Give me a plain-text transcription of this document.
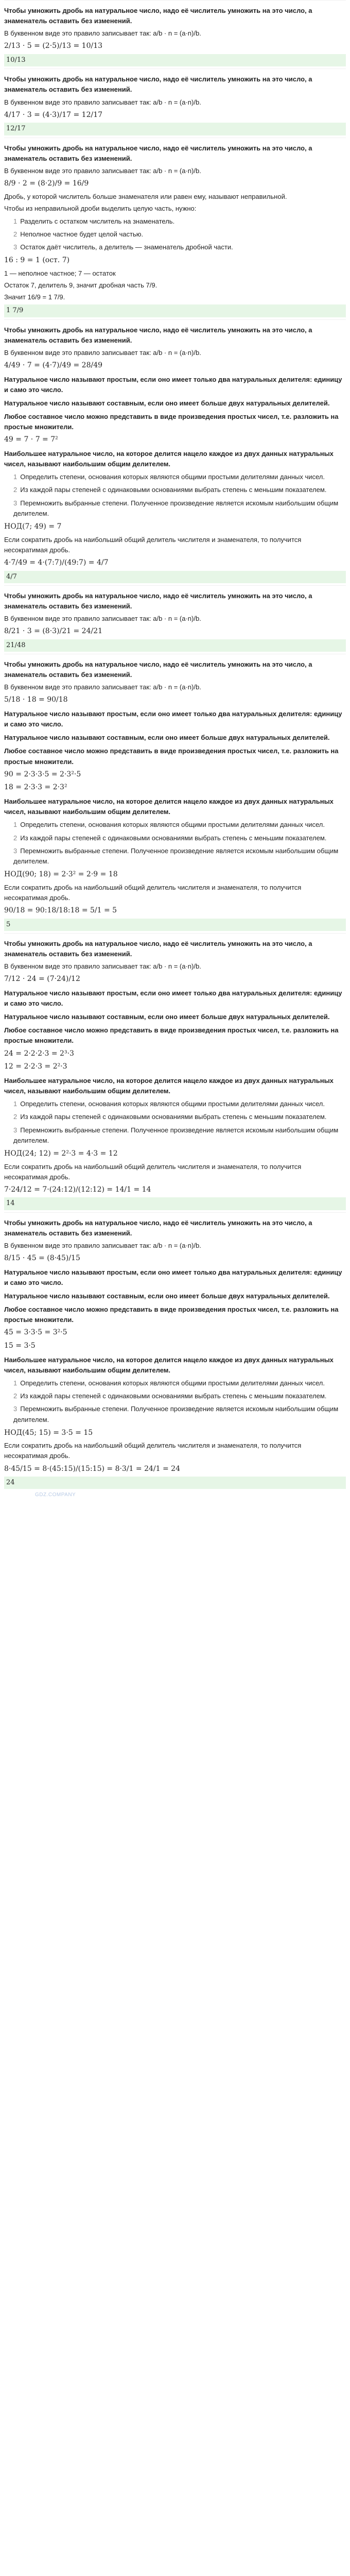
Чтобы умножить дробь на натуральное число, надо её числитель умножить на это число, а знаменатель оставить без изменений.
В буквенном виде это правило записывает так: a/b · n = (a·n)/b.
2/13 · 5 = (2·5)/13 = 10/13
10/13
Чтобы умножить дробь на натуральное число, надо её числитель умножить на это число, а знаменатель оставить без изменений.
В буквенном виде это правило записывает так: a/b · n = (a·n)/b.
4/17 · 3 = (4·3)/17 = 12/17
12/17
Чтобы умножить дробь на натуральное число, надо её числитель умножить на это число, а знаменатель оставить без изменений.
В буквенном виде это правило записывает так: a/b · n = (a·n)/b.
8/9 · 2 = (8·2)/9 = 16/9
Дробь, у которой числитель больше знаменателя или равен ему, называют неправильной.
Чтобы из неправильной дроби выделить целую часть, нужно:
1 Разделить с остатком числитель на знаменатель.
2 Неполное частное будет целой частью.
3 Остаток даёт числитель, а делитель — знаменатель дробной части.
16 : 9 = 1 (ост. 7)
1 — неполное частное; 7 — остаток
Остаток 7, делитель 9, значит дробная часть 7/9.
Значит 16/9 = 1 7/9.
1 7/9
Чтобы умножить дробь на натуральное число, надо её числитель умножить на это число, а знаменатель оставить без изменений.
В буквенном виде это правило записывает так: a/b · n = (a·n)/b.
4/49 · 7 = (4·7)/49 = 28/49
Натуральное число называют простым, если оно имеет только два натуральных делителя: единицу и само это число.
Натуральное число называют составным, если оно имеет больше двух натуральных делителей.
Любое составное число можно представить в виде произведения простых чисел, т.е. разложить на простые множители.
49 = 7 · 7 = 7²
Наибольшее натуральное число, на которое делится нацело каждое из двух данных натуральных чисел, называют наибольшим общим делителем.
1 Определить степени, основания которых являются общими простыми делителями данных чисел.
2 Из каждой пары степеней с одинаковыми основаниями выбрать степень с меньшим показателем.
3 Перемножить выбранные степени. Полученное произведение является искомым наибольшим общим делителем.
НОД(7; 49) = 7
Если сократить дробь на наибольший общий делитель числителя и знаменателя, то получится несократимая дробь.
4·7/49 = 4·(7:7)/(49:7) = 4/7
4/7
Чтобы умножить дробь на натуральное число, надо её числитель умножить на это число, а знаменатель оставить без изменений.
В буквенном виде это правило записывает так: a/b · n = (a·n)/b.
8/21 · 3 = (8·3)/21 = 24/21
21/48
Чтобы умножить дробь на натуральное число, надо её числитель умножить на это число, а знаменатель оставить без изменений.
В буквенном виде это правило записывает так: a/b · n = (a·n)/b.
5/18 · 18 = 90/18
Натуральное число называют простым, если оно имеет только два натуральных делителя: единицу и само это число.
Натуральное число называют составным, если оно имеет больше двух натуральных делителей.
Любое составное число можно представить в виде произведения простых чисел, т.е. разложить на простые множители.
90 = 2·3·3·5 = 2·3²·5
18 = 2·3·3 = 2·3²
Наибольшее натуральное число, на которое делится нацело каждое из двух данных натуральных чисел, называют наибольшим общим делителем.
1 Определить степени, основания которых являются общими простыми делителями данных чисел.
2 Из каждой пары степеней с одинаковыми основаниями выбрать степень с меньшим показателем.
3 Перемножить выбранные степени. Полученное произведение является искомым наибольшим общим делителем.
НОД(90; 18) = 2·3² = 2·9 = 18
Если сократить дробь на наибольший общий делитель числителя и знаменателя, то получится несократимая дробь.
90/18 = 90:18/18:18 = 5/1 = 5
5
Чтобы умножить дробь на натуральное число, надо её числитель умножить на это число, а знаменатель оставить без изменений.
В буквенном виде это правило записывает так: a/b · n = (a·n)/b.
7/12 · 24 = (7·24)/12
Натуральное число называют простым, если оно имеет только два натуральных делителя: единицу и само это число.
Натуральное число называют составным, если оно имеет больше двух натуральных делителей.
Любое составное число можно представить в виде произведения простых чисел, т.е. разложить на простые множители.
24 = 2·2·2·3 = 2³·3
12 = 2·2·3 = 2²·3
Наибольшее натуральное число, на которое делится нацело каждое из двух данных натуральных чисел, называют наибольшим общим делителем.
1 Определить степени, основания которых являются общими простыми делителями данных чисел.
2 Из каждой пары степеней с одинаковыми основаниями выбрать степень с меньшим показателем.
3 Перемножить выбранные степени. Полученное произведение является искомым наибольшим общим делителем.
НОД(24; 12) = 2²·3 = 4·3 = 12
Если сократить дробь на наибольший общий делитель числителя и знаменателя, то получится несократимая дробь.
7·24/12 = 7·(24:12)/(12:12) = 14/1 = 14
14
Чтобы умножить дробь на натуральное число, надо её числитель умножить на это число, а знаменатель оставить без изменений.
В буквенном виде это правило записывает так: a/b · n = (a·n)/b.
8/15 · 45 = (8·45)/15
Натуральное число называют простым, если оно имеет только два натуральных делителя: единицу и само это число.
Натуральное число называют составным, если оно имеет больше двух натуральных делителей.
Любое составное число можно представить в виде произведения простых чисел, т.е. разложить на простые множители.
45 = 3·3·5 = 3²·5
15 = 3·5
Наибольшее натуральное число, на которое делится нацело каждое из двух данных натуральных чисел, называют наибольшим общим делителем.
1 Определить степени, основания которых являются общими простыми делителями данных чисел.
2 Из каждой пары степеней с одинаковыми основаниями выбрать степень с меньшим показателем.
3 Перемножить выбранные степени. Полученное произведение является искомым наибольшим общим делителем.
НОД(45; 15) = 3·5 = 15
Если сократить дробь на наибольший общий делитель числителя и знаменателя, то получится несократимая дробь.
8·45/15 = 8·(45:15)/(15:15) = 8·3/1 = 24/1 = 24
24
GDZ.COMPANY
